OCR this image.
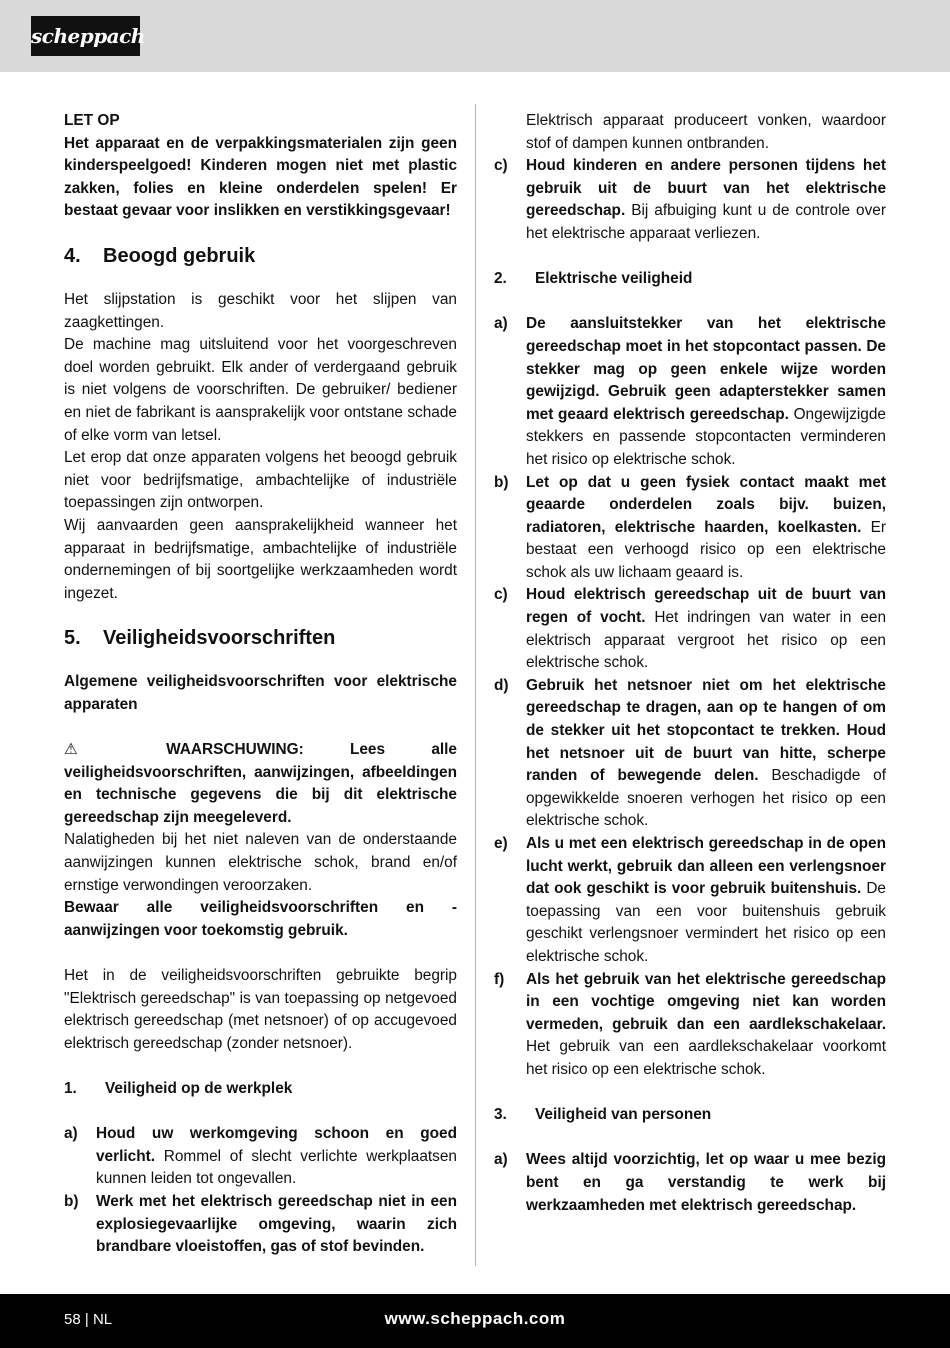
scheppach

LET OP

Het apparaat en de verpakkingsmaterialen zijn geen kinderspeelgoed! Kinderen mogen niet met plastic zakken, folies en kleine onderdelen spelen! Er bestaat gevaar voor inslikken en verstikkingsgevaar!

4.	Beoogd gebruik

Het slijpstation is geschikt voor het slijpen van zaagkettingen.

De machine mag uitsluitend voor het voorgeschreven doel worden gebruikt. Elk ander of verdergaand gebruik is niet volgens de voorschriften. De gebruiker/ bediener en niet de fabrikant is aansprakelijk voor ontstane schade of elke vorm van letsel.

Let erop dat onze apparaten volgens het beoogd gebruik niet voor bedrijfsmatige, ambachtelijke of industriële toepassingen zijn ontworpen.

Wij aanvaarden geen aansprakelijkheid wanneer het apparaat in bedrijfsmatige, ambachtelijke of industriële ondernemingen of bij soortgelijke werkzaamheden wordt ingezet.

5.	Veiligheidsvoorschriften

Algemene veiligheidsvoorschriften voor elektrische apparaten

⚠	WAARSCHUWING: Lees alle veiligheidsvoorschriften, aanwijzingen, afbeeldingen en technische gegevens die bij dit elektrische gereedschap zijn meegeleverd.

Nalatigheden bij het niet naleven van de onderstaande aanwijzingen kunnen elektrische schok, brand en/of ernstige verwondingen veroorzaken.

Bewaar alle veiligheidsvoorschriften en -aanwijzingen voor toekomstig gebruik.

Het in de veiligheidsvoorschriften gebruikte begrip "Elektrisch gereedschap" is van toepassing op netgevoed elektrisch gereedschap (met netsnoer) of op accugevoed elektrisch gereedschap (zonder netsnoer).

1.	Veiligheid op de werkplek
a)	Houd uw werkomgeving schoon en goed verlicht. Rommel of slecht verlichte werkplaatsen kunnen leiden tot ongevallen.

b)	Werk met het elektrisch gereedschap niet in een explosiegevaarlijke omgeving, waarin zich brandbare vloeistoffen, gas of stof bevinden.

Elektrisch apparaat produceert vonken, waardoor stof of dampen kunnen ontbranden.

c)	Houd kinderen en andere personen tijdens het gebruik uit de buurt van het elektrische gereedschap. Bij afbuiging kunt u de controle over het elektrische apparaat verliezen.

2.	Elektrische veiligheid
a)	De aansluitstekker van het elektrische gereedschap moet in het stopcontact passen. De stekker mag op geen enkele wijze worden gewijzigd. Gebruik geen adapterstekker samen met geaard elektrisch gereedschap. Ongewijzigde stekkers en passende stopcontacten verminderen het risico op elektrische schok.

b)	Let op dat u geen fysiek contact maakt met geaarde onderdelen zoals bijv. buizen, radiatoren, elektrische haarden, koelkasten. Er bestaat een verhoogd risico op een elektrische schok als uw lichaam geaard is.

c)	Houd elektrisch gereedschap uit de buurt van regen of vocht. Het indringen van water in een elektrisch apparaat vergroot het risico op een elektrische schok.

d)	Gebruik het netsnoer niet om het elektrische gereedschap te dragen, aan op te hangen of om de stekker uit het stopcontact te trekken. Houd het netsnoer uit de buurt van hitte, scherpe randen of bewegende delen. Beschadigde of opgewikkelde snoeren verhogen het risico op een elektrische schok.

e)	Als u met een elektrisch gereedschap in de open lucht werkt, gebruik dan alleen een verlengsnoer dat ook geschikt is voor gebruik buitenshuis. De toepassing van een voor buitenshuis gebruik geschikt verlengsnoer vermindert het risico op een elektrische schok.

f)	Als het gebruik van het elektrische gereedschap in een vochtige omgeving niet kan worden vermeden, gebruik dan een aardlekschakelaar. Het gebruik van een aardlekschakelaar voorkomt het risico op een elektrische schok.

3.	Veiligheid van personen
a)	Wees altijd voorzichtig, let op waar u mee bezig bent en ga verstandig te werk bij werkzaamheden met elektrisch gereedschap.

58 | NL	www.scheppach.com
